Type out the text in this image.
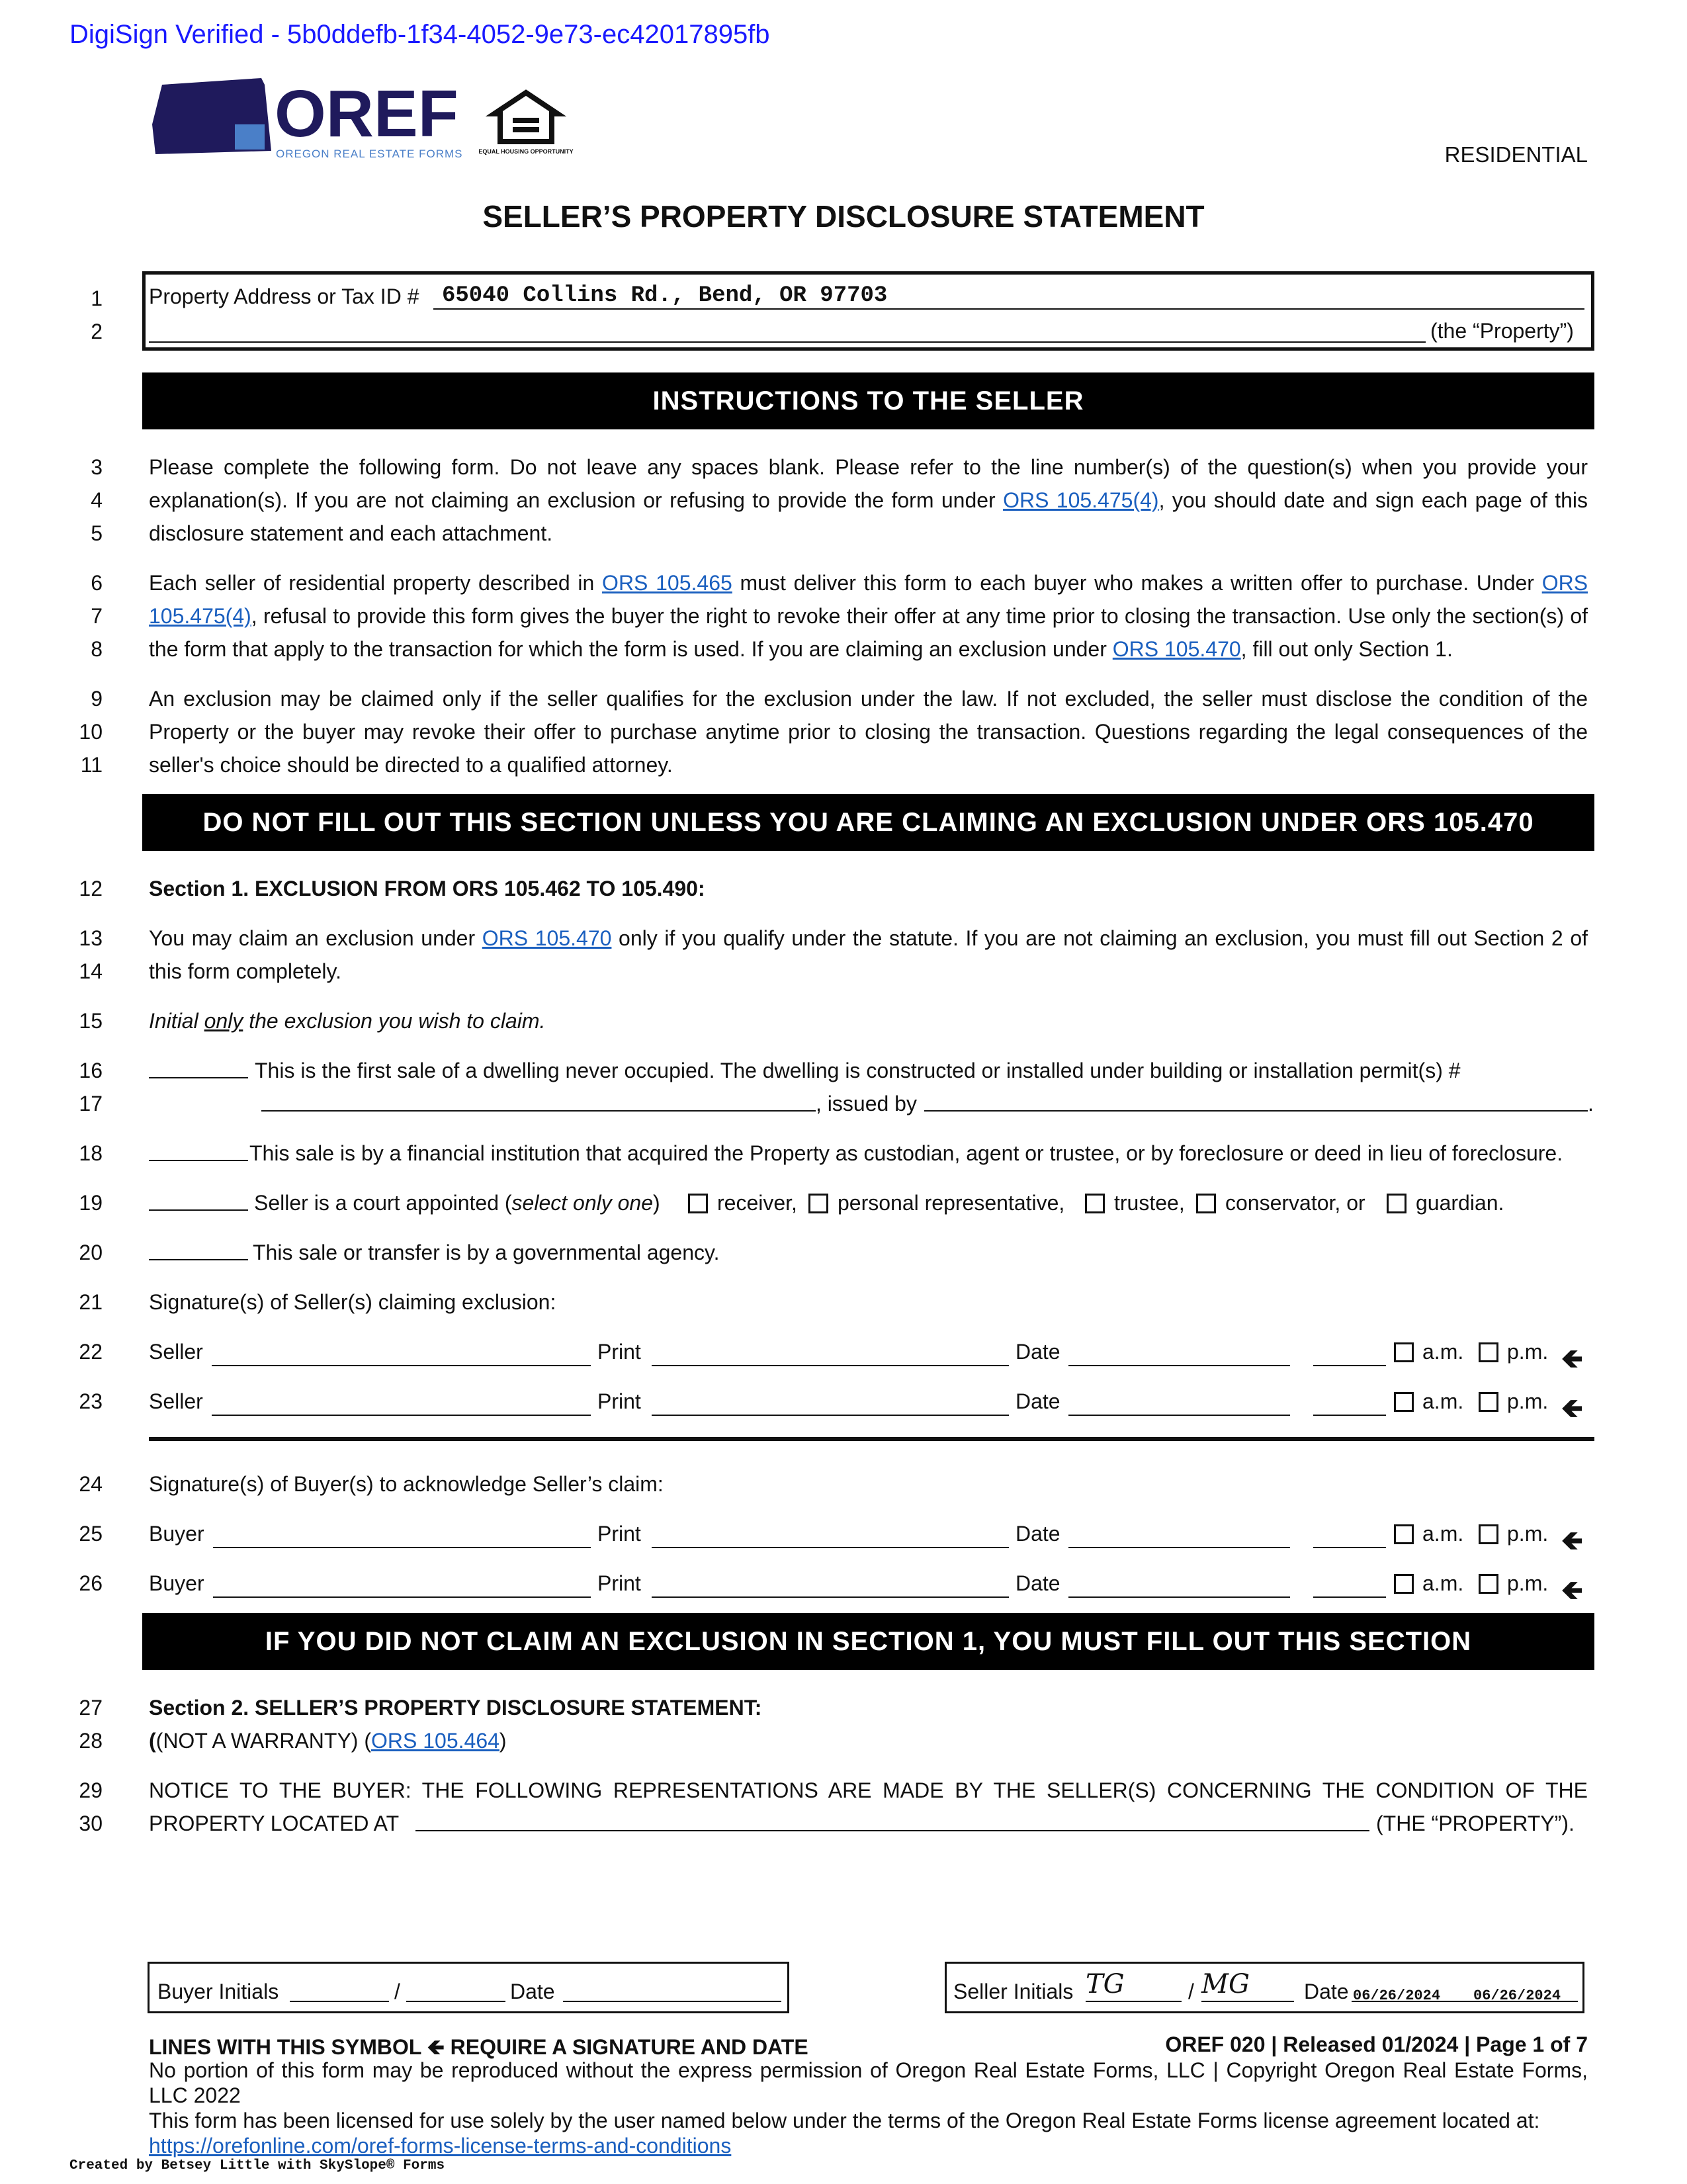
DigiSign Verified - 5b0ddefb-1f34-4052-9e73-ec42017895fb
OREF
OREGON REAL ESTATE FORMS	EQUAL HOUSING OPPORTUNITY	RESIDENTIAL
SELLER’S PROPERTY DISCLOSURE STATEMENT
1
2
3
4
5
6
7
8
9
10
11
12
13
14
15
16
17
18
19
20
21
22
23
24
25
26
27
28
29
30
Property Address or Tax ID # 65040 Collins Rd., Bend, OR 97703
(the “Property”)
INSTRUCTIONS TO THE SELLER
Please complete the following form. Do not leave any spaces blank. Please refer to the line number(s) of the question(s) when you provide your explanation(s). If you are not claiming an exclusion or refusing to provide the form under ORS 105.475(4), you should date and sign each page of this disclosure statement and each attachment.
Each seller of residential property described in ORS 105.465 must deliver this form to each buyer who makes a written offer to purchase. Under ORS 105.475(4), refusal to provide this form gives the buyer the right to revoke their offer at any time prior to closing the transaction. Use only the section(s) of the form that apply to the transaction for which the form is used. If you are claiming an exclusion under ORS 105.470, fill out only Section 1.
An exclusion may be claimed only if the seller qualifies for the exclusion under the law. If not excluded, the seller must disclose the condition of the Property or the buyer may revoke their offer to purchase anytime prior to closing the transaction. Questions regarding the legal consequences of the seller's choice should be directed to a qualified attorney.
DO NOT FILL OUT THIS SECTION UNLESS YOU ARE CLAIMING AN EXCLUSION UNDER ORS 105.470
Section 1. EXCLUSION FROM ORS 105.462 TO 105.490:
You may claim an exclusion under ORS 105.470 only if you qualify under the statute. If you are not claiming an exclusion, you must fill out Section 2 of this form completely.
Initial only the exclusion you wish to claim.
This is the first sale of a dwelling never occupied. The dwelling is constructed or installed under building or installation permit(s) #
, issued by	.
This sale is by a financial institution that acquired the Property as custodian, agent or trustee, or by foreclosure or deed in lieu of foreclosure.
Seller is a court appointed (select only one)	receiver, personal representative, trustee, conservator, or guardian.
This sale or transfer is by a governmental agency.
Signature(s) of Seller(s) claiming exclusion:
Seller	Print	Date	a.m. p.m. 🡸
Seller	Print	Date	a.m. p.m. 🡸
Signature(s) of Buyer(s) to acknowledge Seller’s claim:
Buyer	Print	Date	a.m. p.m. 🡸
Buyer	Print	Date	a.m. p.m. 🡸
IF YOU DID NOT CLAIM AN EXCLUSION IN SECTION 1, YOU MUST FILL OUT THIS SECTION
Section 2. SELLER’S PROPERTY DISCLOSURE STATEMENT:
((NOT A WARRANTY) (ORS 105.464)
NOTICE TO THE BUYER: THE FOLLOWING REPRESENTATIONS ARE MADE BY THE SELLER(S) CONCERNING THE CONDITION OF THE
PROPERTY LOCATED AT	(THE “PROPERTY”).
Buyer Initials	/	Date	Seller Initials TG	/ MG	Date 06/26/2024 06/26/2024
LINES WITH THIS SYMBOL 🡸 REQUIRE A SIGNATURE AND DATE	OREF 020 | Released 01/2024 | Page 1 of 7
No portion of this form may be reproduced without the express permission of Oregon Real Estate Forms, LLC | Copyright Oregon Real Estate Forms, LLC 2022
This form has been licensed for use solely by the user named below under the terms of the Oregon Real Estate Forms license agreement located at:
https://orefonline.com/oref-forms-license-terms-and-conditions
Created by Betsey Little with SkySlope® Forms
